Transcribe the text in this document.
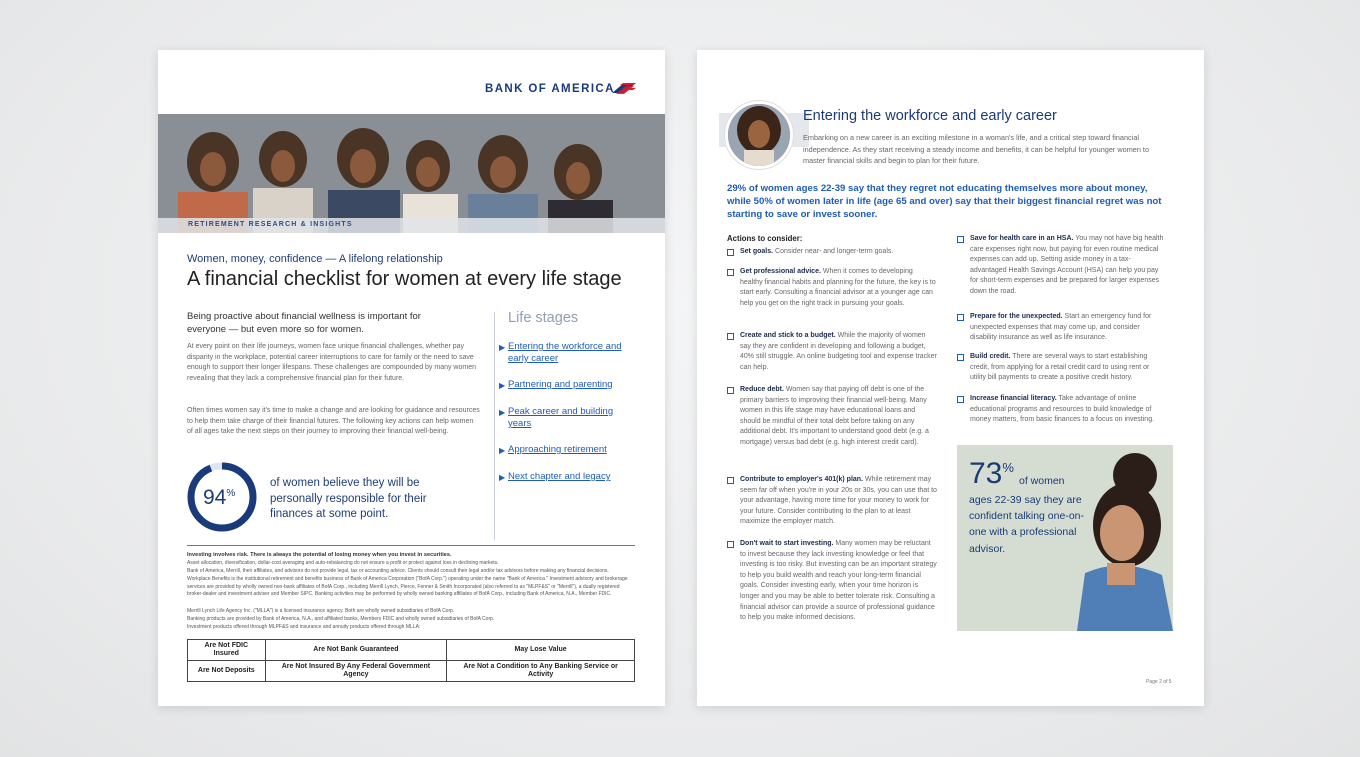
BANK OF AMERICA
RETIREMENT RESEARCH & INSIGHTS
Women, money, confidence — A lifelong relationship
A financial checklist for women at every life stage
Being proactive about financial wellness is important for everyone — but even more so for women.
At every point on their life journeys, women face unique financial challenges, whether pay disparity in the workplace, potential career interruptions to care for family or the need to save enough to support their longer lifespans. These challenges are compounded by many women revealing that they lack a comprehensive financial plan for their future.
Often times women say it's time to make a change and are looking for guidance and resources to help them take charge of their financial futures. The following key actions can help women of all ages take the next steps on their journey to improving their financial well-being.
94%
of women believe they will be personally responsible for their finances at some point.
Life stages
▶ Entering the workforce and early career
▶ Partnering and parenting
▶ Peak career and building years
▶ Approaching retirement
▶ Next chapter and legacy
Investing involves risk. There is always the potential of losing money when you invest in securities.
Asset allocation, diversification, dollar-cost averaging and auto-rebalancing do not ensure a profit or protect against loss in declining markets.
Bank of America, Merrill, their affiliates, and advisors do not provide legal, tax or accounting advice. Clients should consult their legal and/or tax advisors before making any financial decisions.
Workplace Benefits is the institutional retirement and benefits business of Bank of America Corporation ("BofA Corp.") operating under the name "Bank of America." Investment advisory and brokerage services are provided by wholly owned non-bank affiliates of BofA Corp., including Merrill Lynch, Pierce, Fenner & Smith Incorporated (also referred to as "MLPF&S" or "Merrill"), a dually registered broker-dealer and investment adviser and Member SIPC. Banking activities may be performed by wholly owned banking affiliates of BofA Corp., including Bank of America, N.A., Member FDIC.
Merrill Lynch Life Agency Inc. ("MLLA") is a licensed insurance agency. Both are wholly owned subsidiaries of BofA Corp.
Banking products are provided by Bank of America, N.A., and affiliated banks, Members FDIC and wholly owned subsidiaries of BofA Corp.
Investment products offered through MLPF&S and insurance and annuity products offered through MLLA:
Are Not FDIC Insured	Are Not Bank Guaranteed	May Lose Value
Are Not Deposits	Are Not Insured By Any Federal Government Agency	Are Not a Condition to Any Banking Service or Activity
Entering the workforce and early career
Embarking on a new career is an exciting milestone in a woman's life, and a critical step toward financial independence. As they start receiving a steady income and benefits, it can be helpful for younger women to master financial skills and begin to plan for their future.
29% of women ages 22-39 say that they regret not educating themselves more about money, while 50% of women later in life (age 65 and over) say that their biggest financial regret was not starting to save or invest sooner.
Actions to consider:
Set goals. Consider near- and longer-term goals.
Get professional advice. When it comes to developing healthy financial habits and planning for the future, the key is to start early. Consulting a financial advisor at a younger age can help you get on the right track in pursuing your goals.
Create and stick to a budget. While the majority of women say they are confident in developing and following a budget, 40% still struggle. An online budgeting tool and expense tracker can help.
Reduce debt. Women say that paying off debt is one of the primary barriers to improving their financial well-being. Many women in this life stage may have educational loans and should be mindful of their total debt before taking on any additional debt. It's important to understand good debt (e.g. a mortgage) versus bad debt (e.g. high interest credit card).
Contribute to employer's 401(k) plan. While retirement may seem far off when you're in your 20s or 30s, you can use that to your advantage, having more time for your money to work for your future. Consider contributing to the plan to at least maximize the employer match.
Don't wait to start investing. Many women may be reluctant to invest because they lack investing knowledge or feel that investing is too risky. But investing can be an important strategy to help you build wealth and reach your long-term financial goals. Consider investing early, when your time horizon is longer and you may be able to better tolerate risk. Consulting a financial advisor can provide a source of professional guidance to help you make informed decisions.
Save for health care in an HSA. You may not have big health care expenses right now, but paying for even routine medical expenses can add up. Setting aside money in a tax-advantaged Health Savings Account (HSA) can help you pay for short-term expenses and be prepared for larger expenses down the road.
Prepare for the unexpected. Start an emergency fund for unexpected expenses that may come up, and consider disability insurance as well as life insurance.
Build credit. There are several ways to start establishing credit, from applying for a retail credit card to using rent or utility bill payments to create a positive credit history.
Increase financial literacy. Take advantage of online educational programs and resources to build knowledge of money matters, from basic finances to a focus on investing.
73%
of women
ages 22-39 say they are confident talking one-on-one with a professional advisor.
Page 2 of 5
